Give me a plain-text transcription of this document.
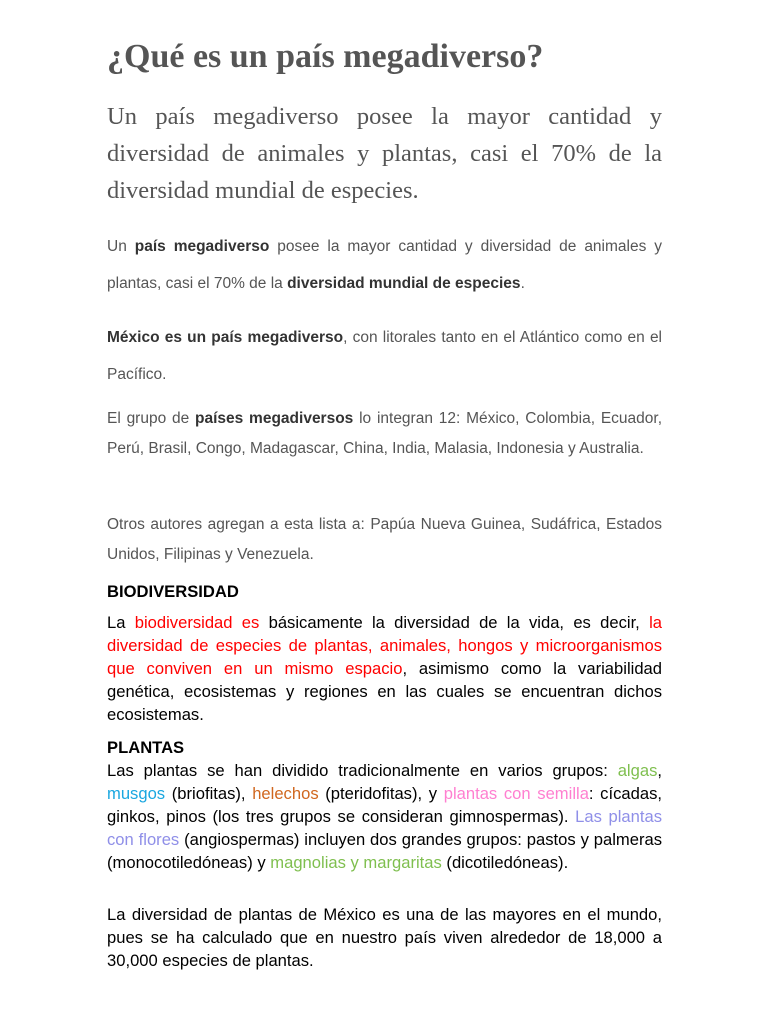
¿Qué es un país megadiverso?

Un país megadiverso posee la mayor cantidad y diversidad de animales y plantas, casi el 70% de la diversidad mundial de especies.

Un país megadiverso posee la mayor cantidad y diversidad de animales y plantas, casi el 70% de la diversidad mundial de especies.

México es un país megadiverso, con litorales tanto en el Atlántico como en el Pacífico.

El grupo de países megadiversos lo integran 12: México, Colombia, Ecuador, Perú, Brasil, Congo, Madagascar, China, India, Malasia, Indonesia y Australia.

Otros autores agregan a esta lista a: Papúa Nueva Guinea, Sudáfrica, Estados Unidos, Filipinas y Venezuela.

BIODIVERSIDAD

La biodiversidad es básicamente la diversidad de la vida, es decir, la diversidad de especies de plantas, animales, hongos y microorganismos que conviven en un mismo espacio, asimismo como la variabilidad genética, ecosistemas y regiones en las cuales se encuentran dichos ecosistemas.

PLANTAS

Las plantas se han dividido tradicionalmente en varios grupos: algas, musgos (briofitas), helechos (pteridofitas), y plantas con semilla: cícadas, ginkos, pinos (los tres grupos se consideran gimnospermas). Las plantas con flores (angiospermas) incluyen dos grandes grupos: pastos y palmeras (monocotiledóneas) y magnolias y margaritas (dicotiledóneas).

La diversidad de plantas de México es una de las mayores en el mundo, pues se ha calculado que en nuestro país viven alrededor de 18,000 a 30,000 especies de plantas.
